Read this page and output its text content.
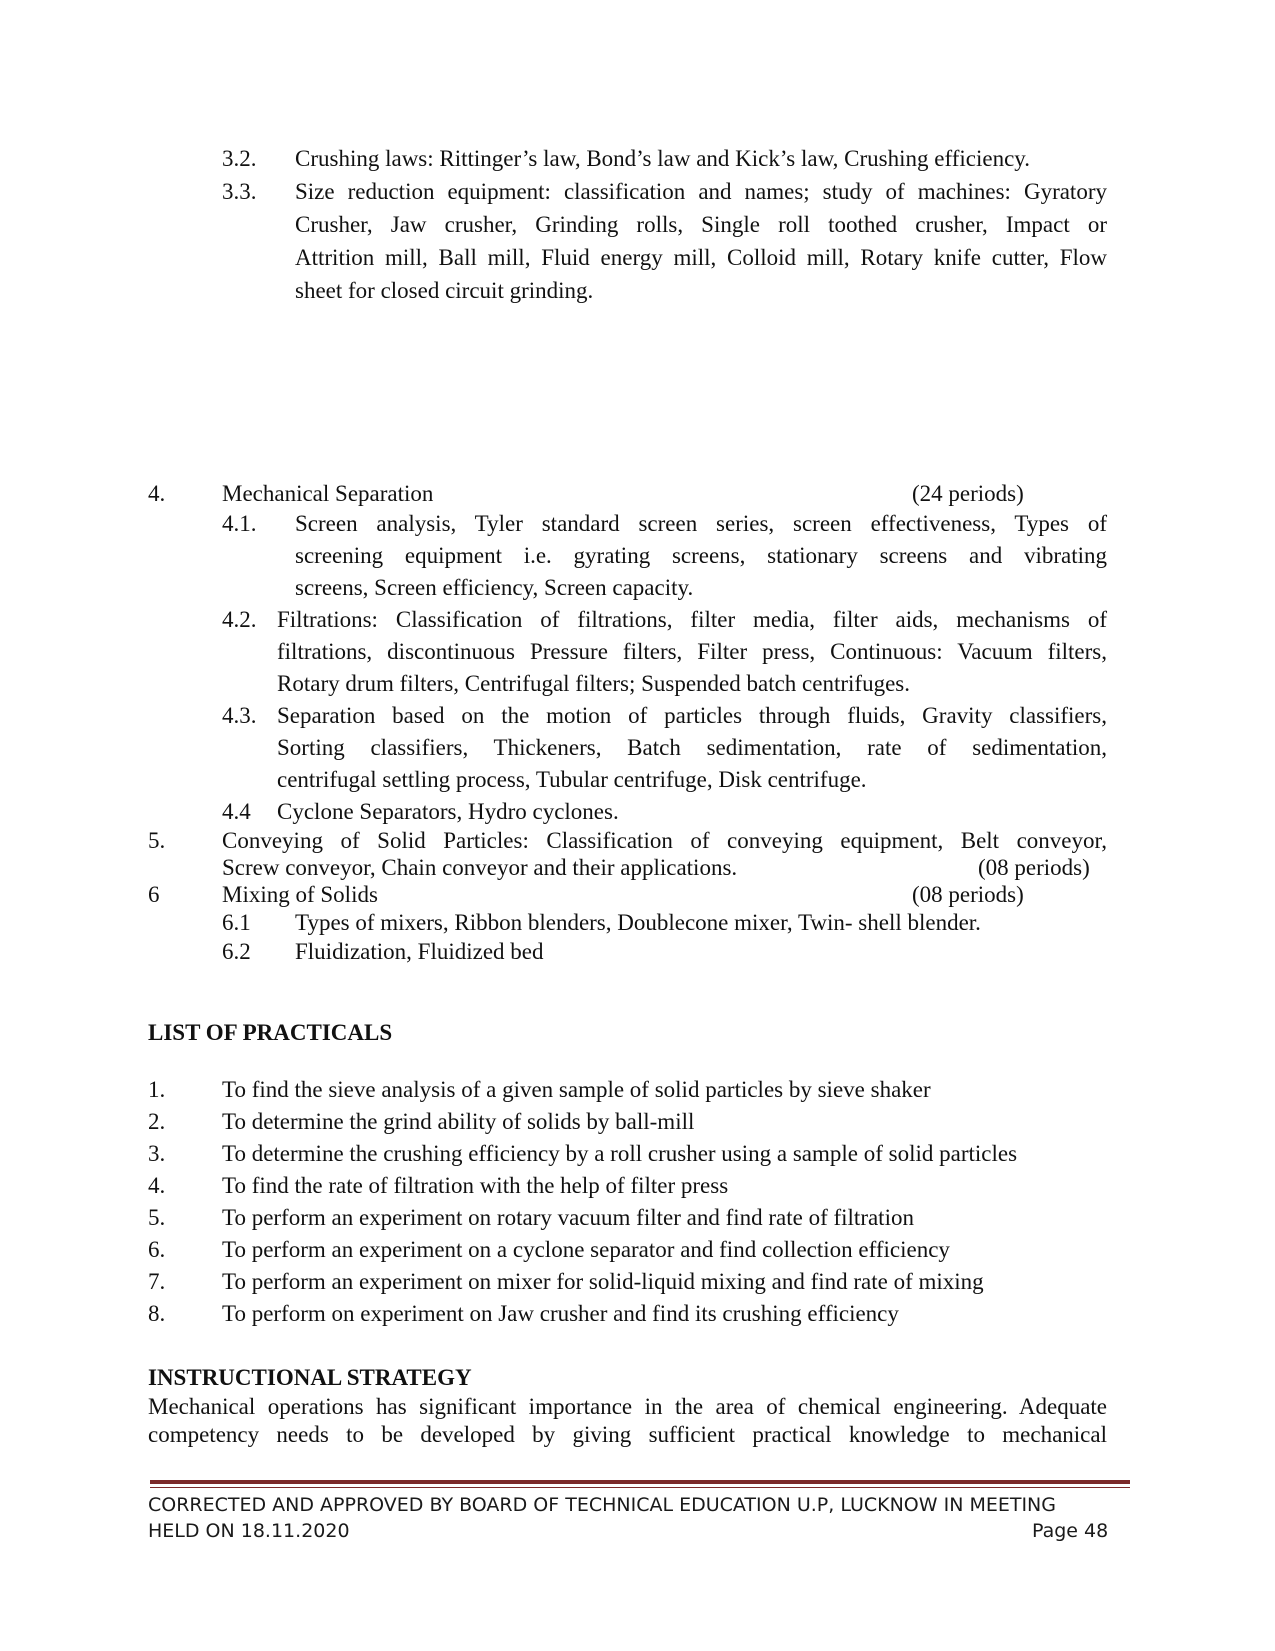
3.2. Crushing laws: Rittinger’s law, Bond’s law and Kick’s law, Crushing efficiency.
3.3. Size reduction equipment: classification and names; study of machines: Gyratory

Crusher, Jaw crusher, Grinding rolls, Single roll toothed crusher, Impact or

Attrition mill, Ball mill, Fluid energy mill, Colloid mill, Rotary knife cutter, Flow

sheet for closed circuit grinding.
4. Mechanical Separation	(24 periods)
4.1. Screen analysis, Tyler standard screen series, screen effectiveness, Types of

screening equipment i.e. gyrating screens, stationary screens and vibrating

screens, Screen efficiency, Screen capacity.
4.2. Filtrations: Classification of filtrations, filter media, filter aids, mechanisms of

filtrations, discontinuous Pressure filters, Filter press, Continuous: Vacuum filters,

Rotary drum filters, Centrifugal filters; Suspended batch centrifuges.
4.3. Separation based on the motion of particles through fluids, Gravity classifiers,

Sorting classifiers, Thickeners, Batch sedimentation, rate of sedimentation,

centrifugal settling process, Tubular centrifuge, Disk centrifuge.
4.4 Cyclone Separators, Hydro cyclones.
5. Conveying of Solid Particles: Classification of conveying equipment, Belt conveyor,

Screw conveyor, Chain conveyor and their applications.	(08 periods)
6	Mixing of Solids	(08 periods)
6.1 Types of mixers, Ribbon blenders, Doublecone mixer, Twin- shell blender.
6.2 Fluidization, Fluidized bed
LIST OF PRACTICALS
1. To find the sieve analysis of a given sample of solid particles by sieve shaker
2. To determine the grind ability of solids by ball-mill
3. To determine the crushing efficiency by a roll crusher using a sample of solid particles
4. To find the rate of filtration with the help of filter press
5. To perform an experiment on rotary vacuum filter and find rate of filtration
6. To perform an experiment on a cyclone separator and find collection efficiency
7. To perform an experiment on mixer for solid-liquid mixing and find rate of mixing
8. To perform on experiment on Jaw crusher and find its crushing efficiency
INSTRUCTIONAL STRATEGY

Mechanical operations has significant importance in the area of chemical engineering. Adequate

competency needs to be developed by giving sufficient practical knowledge to mechanical

CORRECTED AND APPROVED BY BOARD OF TECHNICAL EDUCATION U.P, LUCKNOW IN MEETING
HELD ON 18.11.2020	Page 48
